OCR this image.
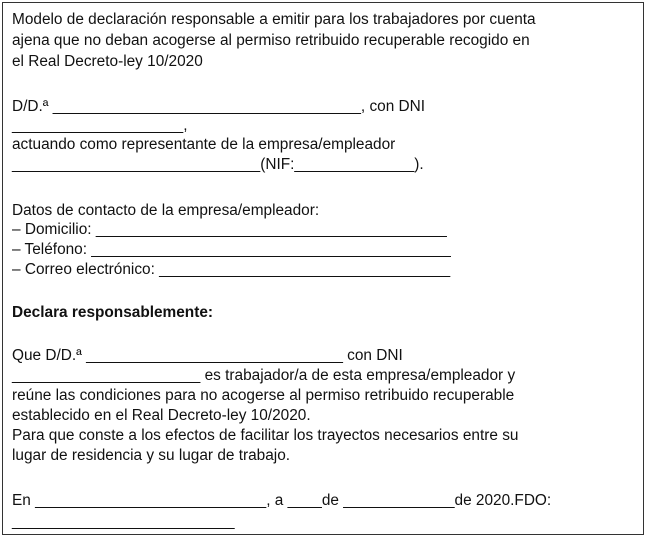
Modelo de declaración responsable a emitir para los trabajadores por cuenta

ajena que no deban acogerse al permiso retribuido recuperable recogido en

el Real Decreto-ley 10/2020

D/D.ª ____________________________________, con DNI

____________________,

actuando como representante de la empresa/empleador

_____________________________(NIF:______________).

Datos de contacto de la empresa/empleador:

– Domicilio: _________________________________________

– Teléfono: __________________________________________

– Correo electrónico: __________________________________

Declara responsablemente:

Que D/D.ª ______________________________ con DNI

______________________ es trabajador/a de esta empresa/empleador y

reúne las condiciones para no acogerse al permiso retribuido recuperable

establecido en el Real Decreto-ley 10/2020.

Para que conste a los efectos de facilitar los trayectos necesarios entre su

lugar de residencia y su lugar de trabajo.

En ___________________________, a ____de _____________de 2020.FDO:

__________________________
